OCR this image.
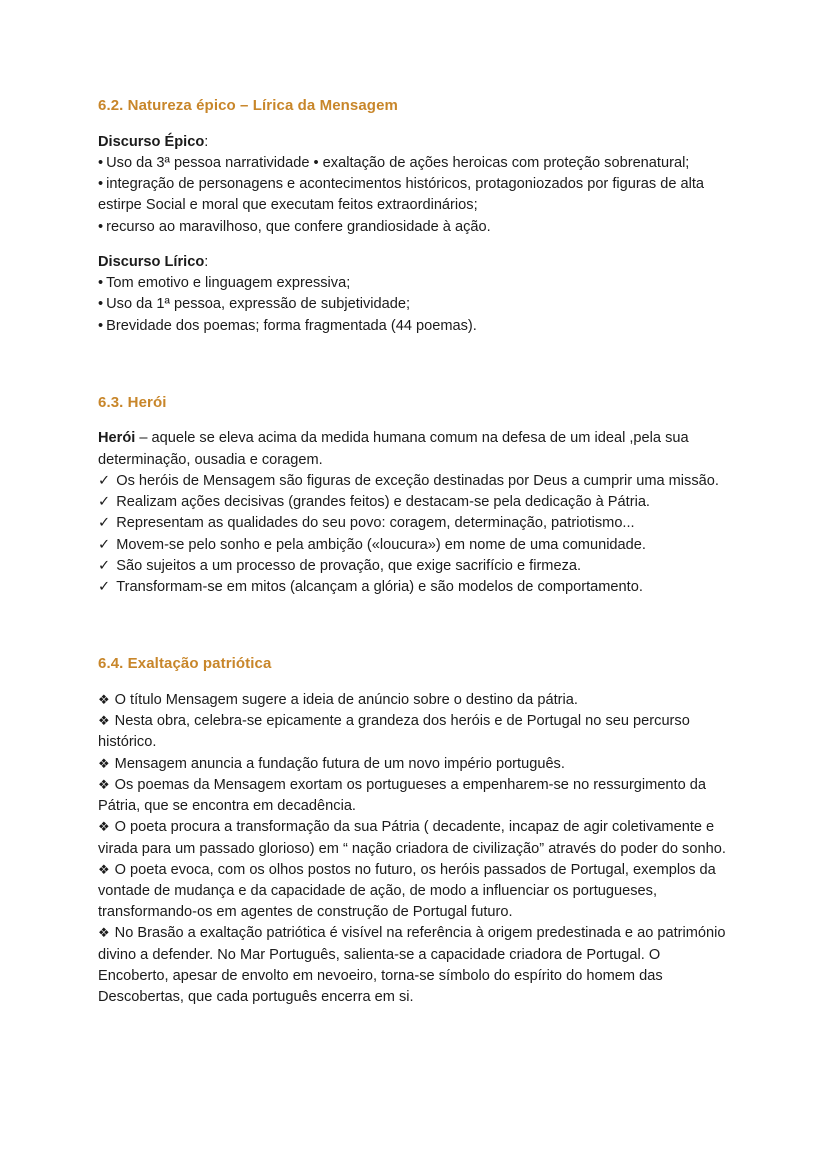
6.2. Natureza épico – Lírica da Mensagem

Discurso Épico:

• Uso da 3ª pessoa narratividade • exaltação de ações heroicas com proteção sobrenatural;
• integração de personagens e acontecimentos históricos, protagoniozados por figuras de alta estirpe Social e moral que executam feitos extraordinários;
• recurso ao maravilhoso, que confere grandiosidade à ação.

Discurso Lírico:

• Tom emotivo e linguagem expressiva;
• Uso da 1ª pessoa, expressão de subjetividade;
• Brevidade dos poemas; forma fragmentada (44 poemas).
6.3. Herói

Herói – aquele se eleva acima da medida humana comum na defesa de um ideal ,pela sua determinação, ousadia e coragem.

✓ Os heróis de Mensagem são figuras de exceção destinadas por Deus a cumprir uma missão.
✓ Realizam ações decisivas (grandes feitos) e destacam-se pela dedicação à Pátria.
✓ Representam as qualidades do seu povo: coragem, determinação, patriotismo...
✓ Movem-se pelo sonho e pela ambição («loucura») em nome de uma comunidade.
✓ São sujeitos a um processo de provação, que exige sacrifício e firmeza.
✓ Transformam-se em mitos (alcançam a glória) e são modelos de comportamento.
6.4. Exaltação patriótica
❖ O título Mensagem sugere a ideia de anúncio sobre o destino da pátria.
❖ Nesta obra, celebra-se epicamente a grandeza dos heróis e de Portugal no seu percurso histórico.
❖ Mensagem anuncia a fundação futura de um novo império português.
❖ Os poemas da Mensagem exortam os portugueses a empenharem-se no ressurgimento da Pátria, que se encontra em decadência.
❖ O poeta procura a transformação da sua Pátria ( decadente, incapaz de agir coletivamente e virada para um passado glorioso) em “ nação criadora de civilização” através do poder do sonho.
❖ O poeta evoca, com os olhos postos no futuro, os heróis passados de Portugal, exemplos da vontade de mudança e da capacidade de ação, de modo a influenciar os portugueses, transformando-os em agentes de construção de Portugal futuro.
❖ No Brasão a exaltação patriótica é visível na referência à origem predestinada e ao património divino a defender. No Mar Português, salienta-se a capacidade criadora de Portugal. O Encoberto, apesar de envolto em nevoeiro, torna-se símbolo do espírito do homem das Descobertas, que cada português encerra em si.
